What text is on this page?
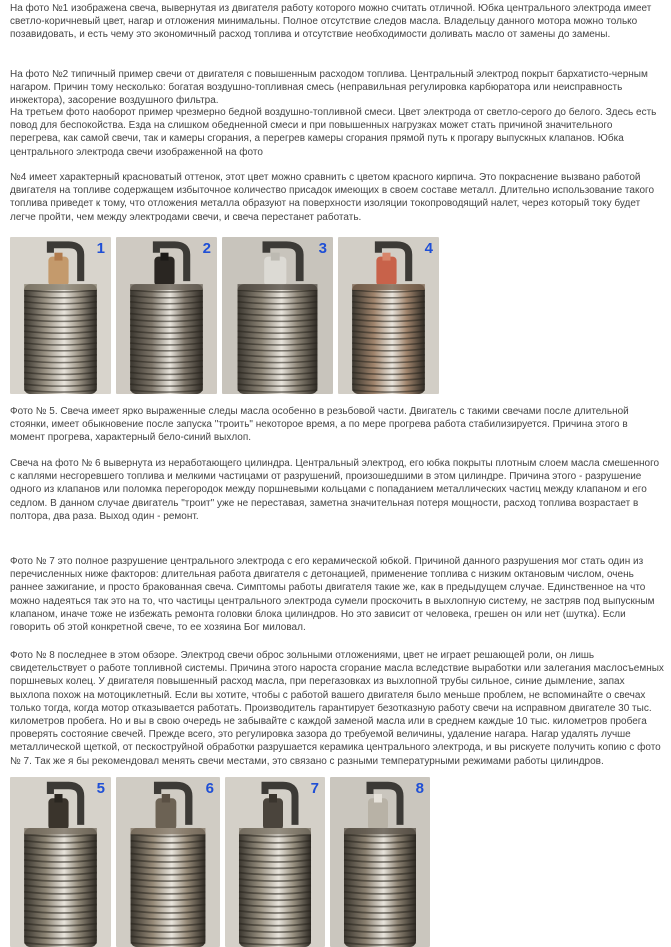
На фото №1 изображена свеча, вывернутая из двигателя работу которого можно считать отличной. Юбка центрального электрода имеет светло-коричневый цвет, нагар и отложения минимальны. Полное отсутствие следов масла. Владельцу данного мотора можно только позавидовать, и есть чему это экономичный расход топлива и отсутствие необходимости доливать масло от замены до замены.

На фото №2 типичный пример свечи от двигателя с повышенным расходом топлива. Центральный электрод покрыт бархатисто-черным нагаром. Причин тому несколько: богатая воздушно-топливная смесь (неправильная регулировка карбюратора или неисправность инжектора), засорение воздушного фильтра.

На третьем фото наоборот пример чрезмерно бедной воздушно-топливной смеси. Цвет электрода от светло-серого до белого. Здесь есть повод для беспокойства. Езда на слишком обедненной смеси и при повышенных нагрузках может стать причиной значительного перегрева, как самой свечи, так и камеры сгорания, а перегрев камеры сгорания прямой путь к прогару выпускных клапанов. Юбка центрального электрода свечи изображенной на фото

№4 имеет характерный красноватый оттенок, этот цвет можно сравнить с цветом красного кирпича. Это покраснение вызвано работой двигателя на топливе содержащем избыточное количество присадок имеющих в своем составе металл. Длительно использование такого топлива приведет к тому, что отложения металла образуют на поверхности изоляции токопроводящий налет, через который току будет легче пройти, чем между электродами свечи, и свеча перестанет работать.

1	2	3	4

Фото № 5. Свеча имеет ярко выраженные следы масла особенно в резьбовой части. Двигатель с такими свечами после длительной стоянки, имеет обыкновение после запуска "троить" некоторое время, а по мере прогрева работа стабилизируется. Причина этого в момент прогрева, характерный бело-синий выхлоп.

Свеча на фото № 6 вывернута из неработающего цилиндра. Центральный электрод, его юбка покрыты плотным слоем масла смешенного с каплями несгоревшего топлива и мелкими частицами от разрушений, произошедшими в этом цилиндре. Причина этого - разрушение одного из клапанов или поломка перегородок между поршневыми кольцами с попаданием металлических частиц между клапаном и его седлом. В данном случае двигатель "троит" уже не переставая, заметна значительная потеря мощности, расход топлива возрастает в полтора, два раза. Выход один - ремонт.

Фото № 7 это полное разрушение центрального электрода с его керамической юбкой. Причиной данного разрушения мог стать один из перечисленных ниже факторов: длительная работа двигателя с детонацией, применение топлива с низким октановым числом, очень раннее зажигание, и просто бракованная свеча. Симптомы работы двигателя такие же, как в предыдущем случае. Единственное на что можно надеяться так это на то, что частицы центрального электрода сумели проскочить в выхлопную систему, не застряв под выпускным клапаном, иначе тоже не избежать ремонта головки блока цилиндров. Но это зависит от человека, грешен он или нет (шутка). Если говорить об этой конкретной свече, то ее хозяина Бог миловал.

Фото № 8 последнее в этом обзоре. Электрод свечи оброс зольными отложениями, цвет не играет решающей роли, он лишь свидетельствует о работе топливной системы. Причина этого нароста сгорание масла вследствие выработки или залегания маслосъемных поршневых колец. У двигателя повышенный расход масла, при перегазовках из выхлопной трубы сильное, синие дымление, запах выхлопа похож на мотоциклетный. Если вы хотите, чтобы с работой вашего двигателя было меньше проблем, не вспоминайте о свечах только тогда, когда мотор отказывается работать. Производитель гарантирует безотказную работу свечи на исправном двигателе 30 тыс. километров пробега. Но и вы в свою очередь не забывайте с каждой заменой масла или в среднем каждые 10 тыс. километров пробега проверять состояние свечей. Прежде всего, это регулировка зазора до требуемой величины, удаление нагара. Нагар удалять лучше металлической щеткой, от пескоструйной обработки разрушается керамика центрального электрода, и вы рискуете получить копию с фото № 7. Так же я бы рекомендовал менять свечи местами, это связано с разными температурными режимами работы цилиндров.

5	6	7	8
